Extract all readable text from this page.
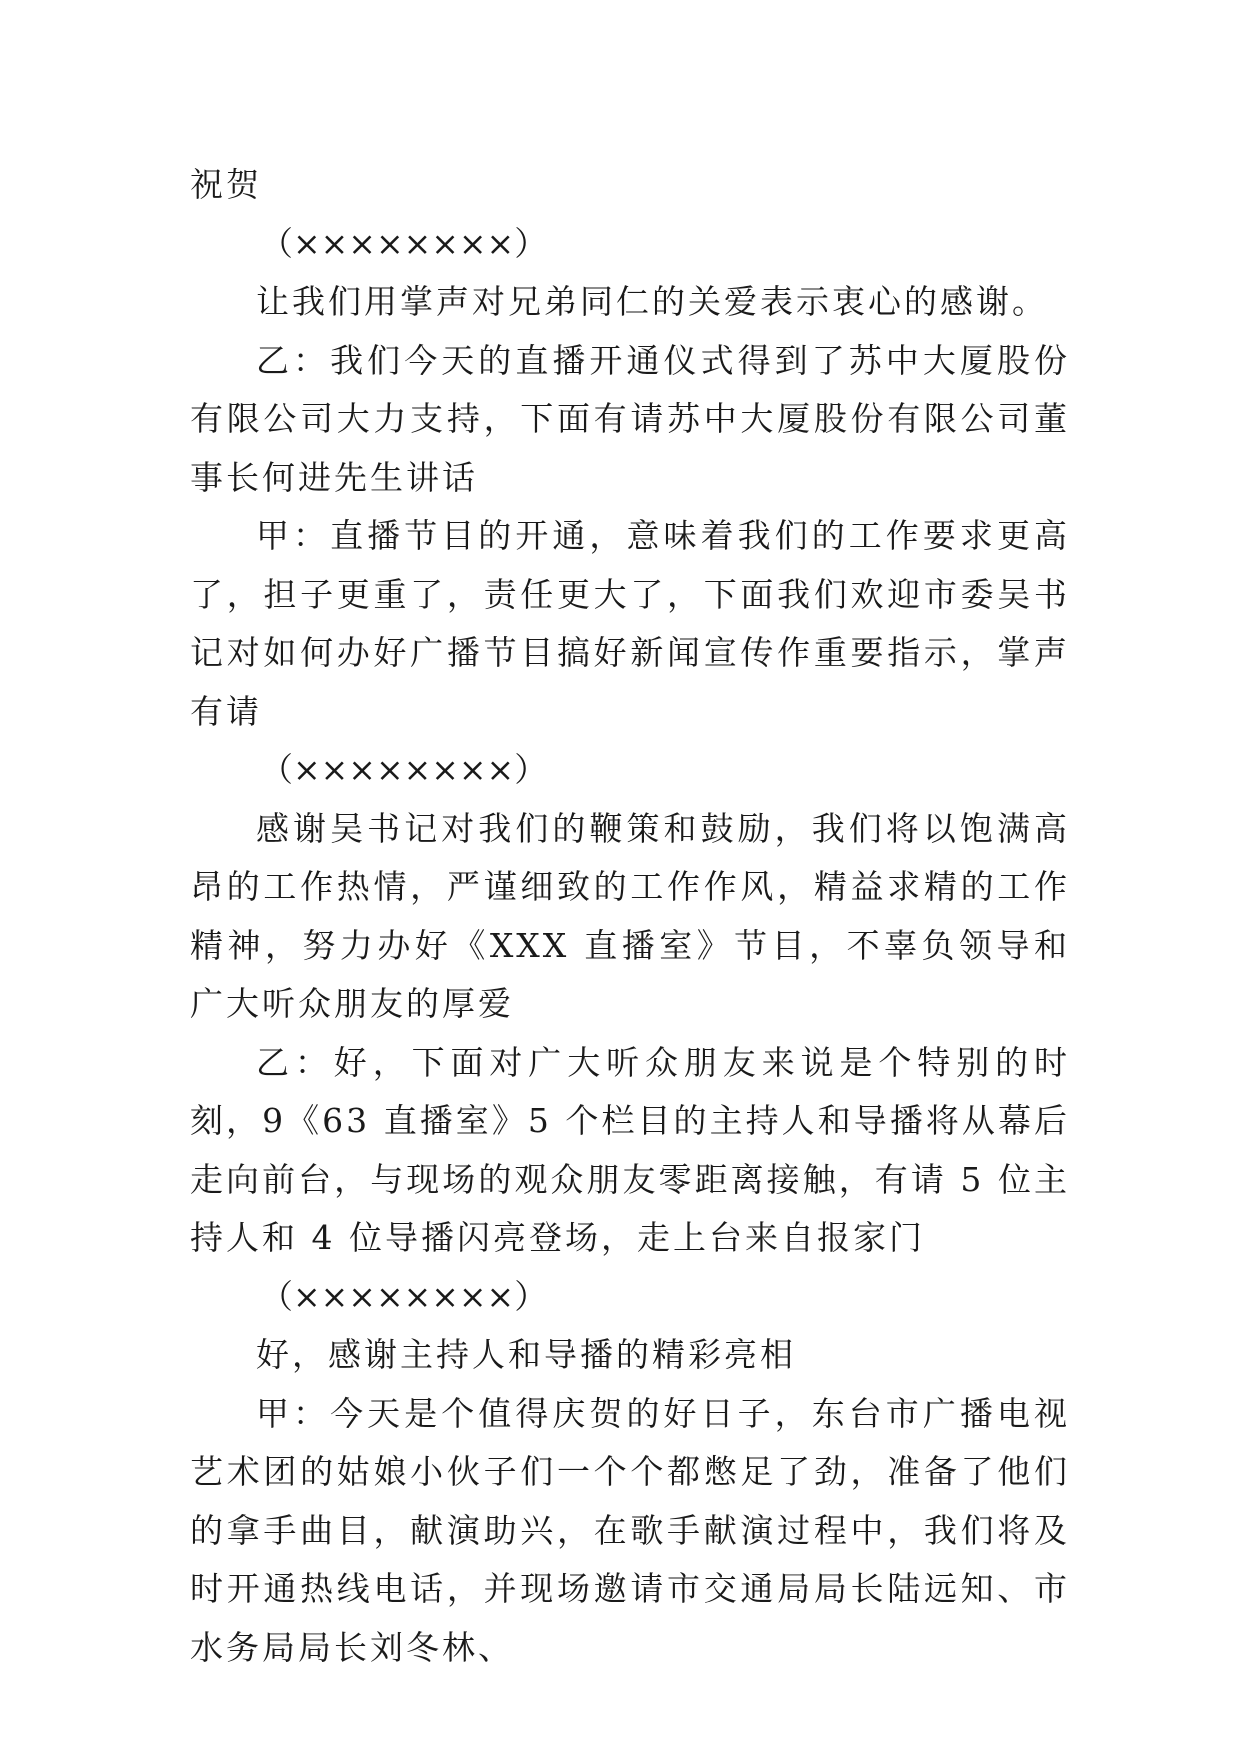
祝贺

（××××××××）

让我们用掌声对兄弟同仁的关爱表示衷心的感谢。

乙：我们今天的直播开通仪式得到了苏中大厦股份有限公司大力支持，下面有请苏中大厦股份有限公司董事长何进先生讲话

甲：直播节目的开通，意味着我们的工作要求更高了，担子更重了，责任更大了，下面我们欢迎市委吴书记对如何办好广播节目搞好新闻宣传作重要指示，掌声有请

（××××××××）

感谢吴书记对我们的鞭策和鼓励，我们将以饱满高昂的工作热情，严谨细致的工作作风，精益求精的工作精神，努力办好《XXX 直播室》节目，不辜负领导和广大听众朋友的厚爱

乙：好，下面对广大听众朋友来说是个特别的时刻，9《63 直播室》5 个栏目的主持人和导播将从幕后走向前台，与现场的观众朋友零距离接触，有请 5 位主持人和 4 位导播闪亮登场，走上台来自报家门

（××××××××）

好，感谢主持人和导播的精彩亮相

甲：今天是个值得庆贺的好日子，东台市广播电视艺术团的姑娘小伙子们一个个都憋足了劲，准备了他们的拿手曲目，献演助兴，在歌手献演过程中，我们将及时开通热线电话，并现场邀请市交通局局长陆远知、市水务局局长刘冬林、
